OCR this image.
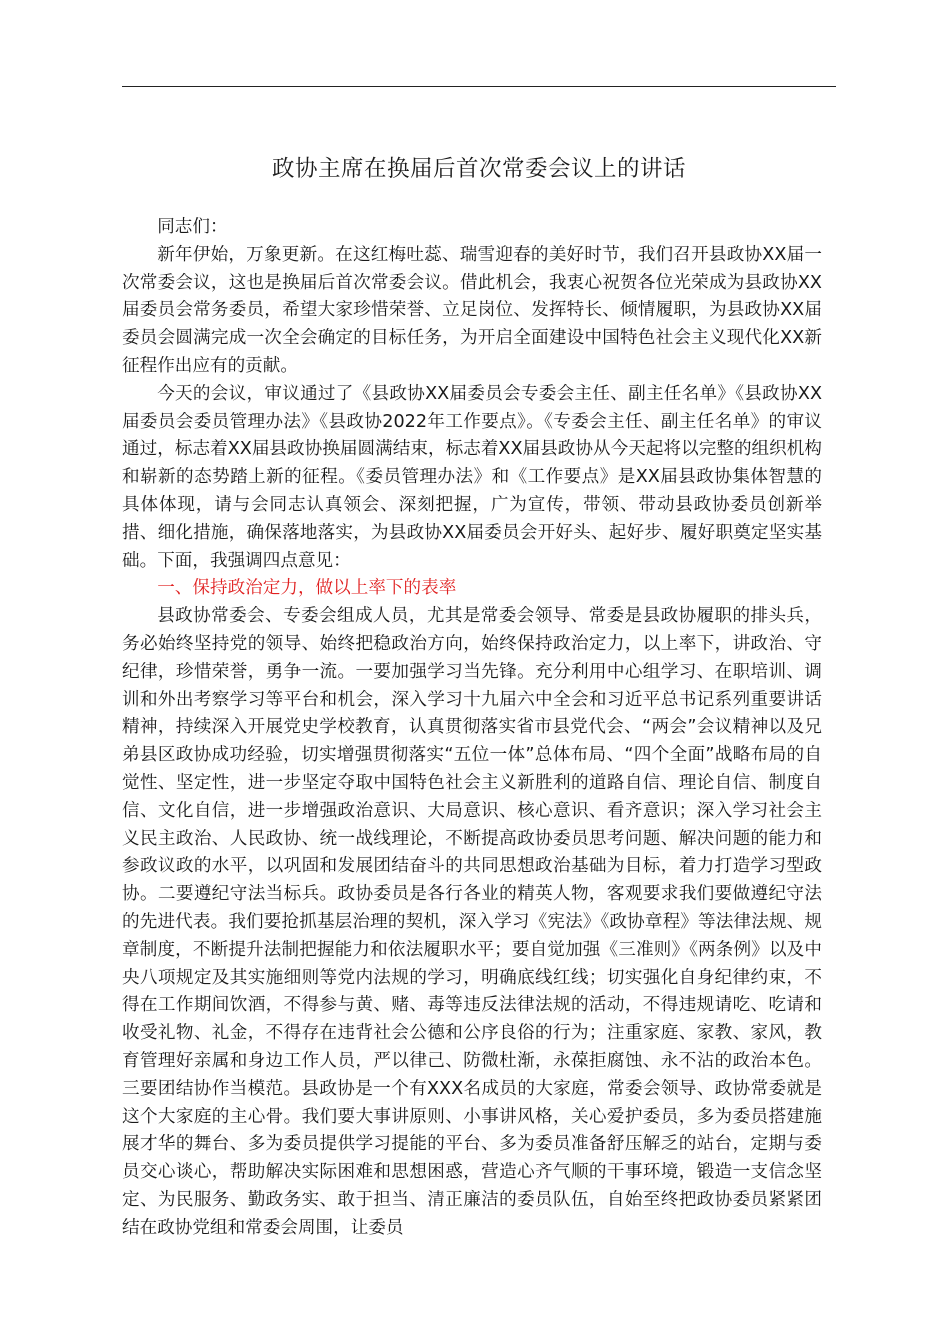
政协主席在换届后首次常委会议上的讲话

同志们：

新年伊始，万象更新。在这红梅吐蕊、瑞雪迎春的美好时节，我们召开县政协XX届一次常委会议，这也是换届后首次常委会议。借此机会，我衷心祝贺各位光荣成为县政协XX届委员会常务委员，希望大家珍惜荣誉、立足岗位、发挥特长、倾情履职，为县政协XX届委员会圆满完成一次全会确定的目标任务，为开启全面建设中国特色社会主义现代化XX新征程作出应有的贡献。

今天的会议，审议通过了《县政协XX届委员会专委会主任、副主任名单》《县政协XX届委员会委员管理办法》《县政协2022年工作要点》。《专委会主任、副主任名单》的审议通过，标志着XX届县政协换届圆满结束，标志着XX届县政协从今天起将以完整的组织机构和崭新的态势踏上新的征程。《委员管理办法》和《工作要点》是XX届县政协集体智慧的具体体现，请与会同志认真领会、深刻把握，广为宣传，带领、带动县政协委员创新举措、细化措施，确保落地落实，为县政协XX届委员会开好头、起好步、履好职奠定坚实基础。下面，我强调四点意见：

一、保持政治定力，做以上率下的表率

县政协常委会、专委会组成人员，尤其是常委会领导、常委是县政协履职的排头兵，务必始终坚持党的领导、始终把稳政治方向，始终保持政治定力，以上率下，讲政治、守纪律，珍惜荣誉，勇争一流。一要加强学习当先锋。充分利用中心组学习、在职培训、调训和外出考察学习等平台和机会，深入学习十九届六中全会和习近平总书记系列重要讲话精神，持续深入开展党史学校教育，认真贯彻落实省市县党代会、“两会”会议精神以及兄弟县区政协成功经验，切实增强贯彻落实“五位一体”总体布局、“四个全面”战略布局的自觉性、坚定性，进一步坚定夺取中国特色社会主义新胜利的道路自信、理论自信、制度自信、文化自信，进一步增强政治意识、大局意识、核心意识、看齐意识；深入学习社会主义民主政治、人民政协、统一战线理论，不断提高政协委员思考问题、解决问题的能力和参政议政的水平，以巩固和发展团结奋斗的共同思想政治基础为目标，着力打造学习型政协。二要遵纪守法当标兵。政协委员是各行各业的精英人物，客观要求我们要做遵纪守法的先进代表。我们要抢抓基层治理的契机，深入学习《宪法》《政协章程》等法律法规、规章制度，不断提升法制把握能力和依法履职水平；要自觉加强《三准则》《两条例》以及中央八项规定及其实施细则等党内法规的学习，明确底线红线；切实强化自身纪律约束，不得在工作期间饮酒，不得参与黄、赌、毒等违反法律法规的活动，不得违规请吃、吃请和收受礼物、礼金，不得存在违背社会公德和公序良俗的行为；注重家庭、家教、家风，教育管理好亲属和身边工作人员，严以律己、防微杜渐，永葆拒腐蚀、永不沾的政治本色。三要团结协作当模范。县政协是一个有XXX名成员的大家庭，常委会领导、政协常委就是这个大家庭的主心骨。我们要大事讲原则、小事讲风格，关心爱护委员，多为委员搭建施展才华的舞台、多为委员提供学习提能的平台、多为委员准备舒压解乏的站台，定期与委员交心谈心，帮助解决实际困难和思想困惑，营造心齐气顺的干事环境，锻造一支信念坚定、为民服务、勤政务实、敢于担当、清正廉洁的委员队伍，自始至终把政协委员紧紧团结在政协党组和常委会周围，让委员
